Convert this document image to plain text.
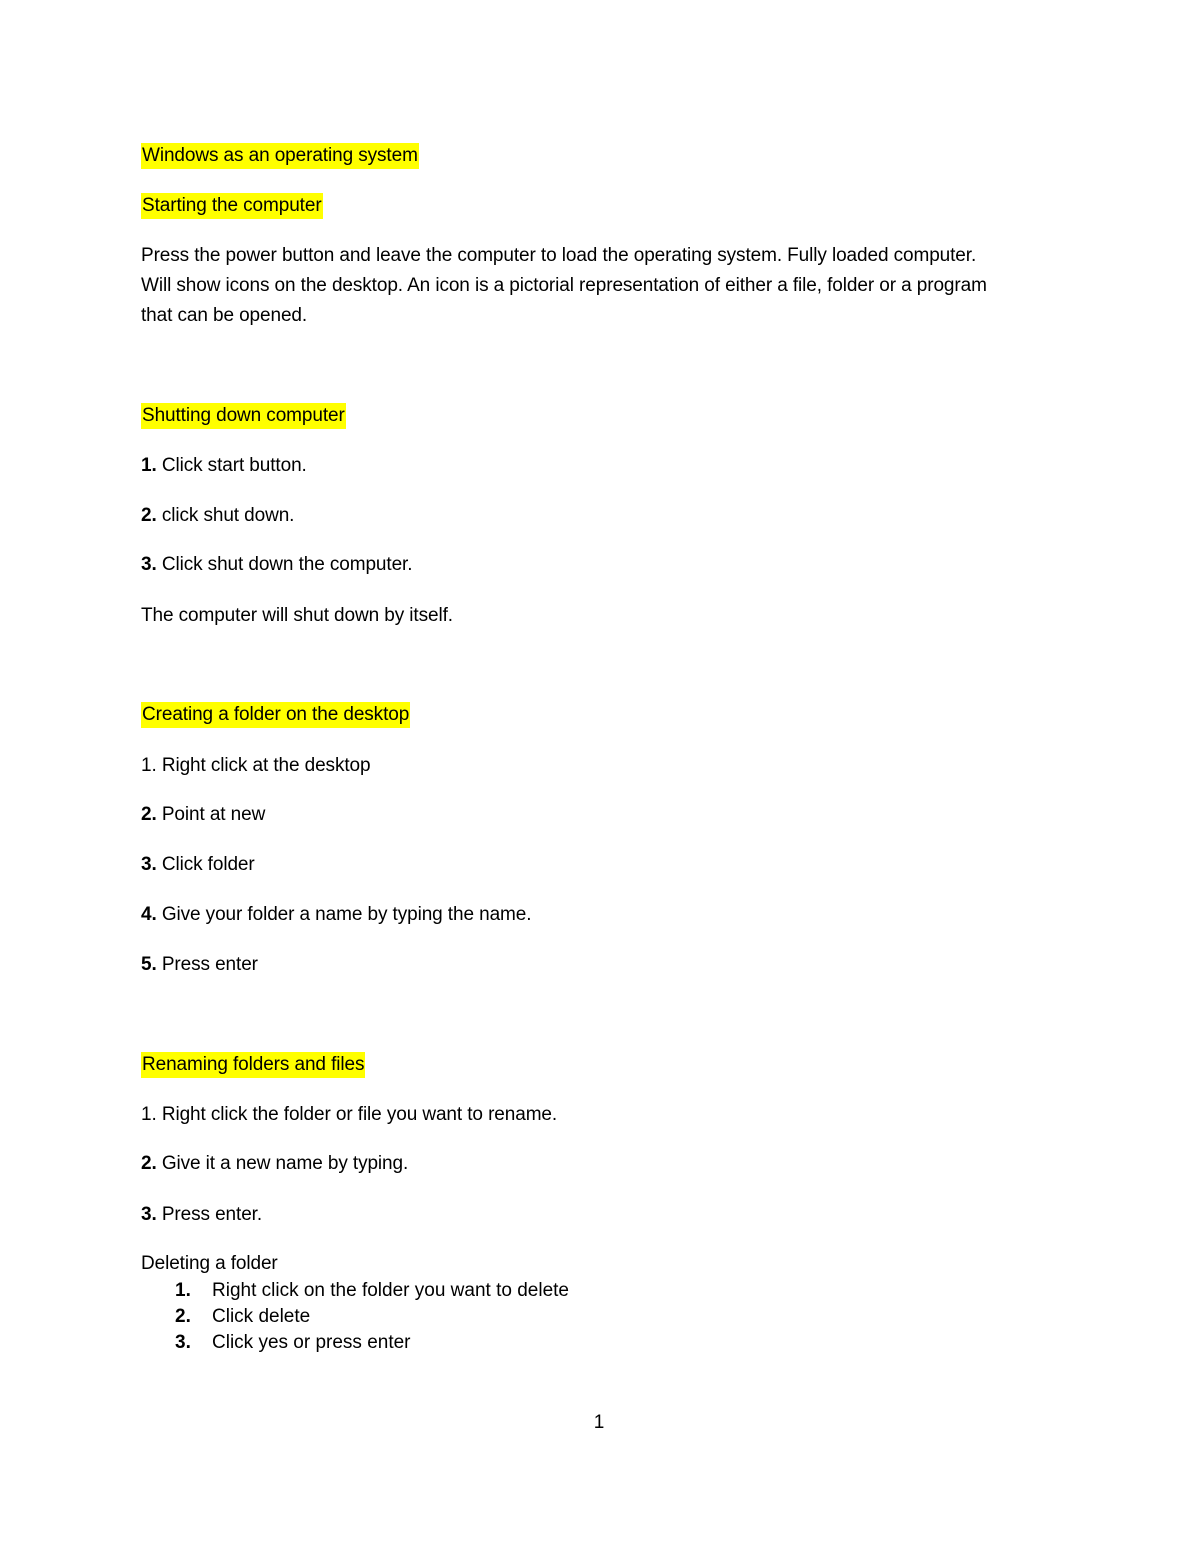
Windows as an operating system
Starting the computer
Press the power button and leave the computer to load the operating system. Fully loaded computer.
Will show icons on the desktop. An icon is a pictorial representation of either a file, folder or a program
that can be opened.
Shutting down computer
1. Click start button.
2. click shut down.
3. Click shut down the computer.
The computer will shut down by itself.
Creating a folder on the desktop
1. Right click at the desktop
2. Point at new
3. Click folder
4. Give your folder a name by typing the name.
5. Press enter
Renaming folders and files
1. Right click the folder or file you want to rename.
2. Give it a new name by typing.
3. Press enter.
Deleting a folder
1. Right click on the folder you want to delete
2. Click delete
3. Click yes or press enter
1
